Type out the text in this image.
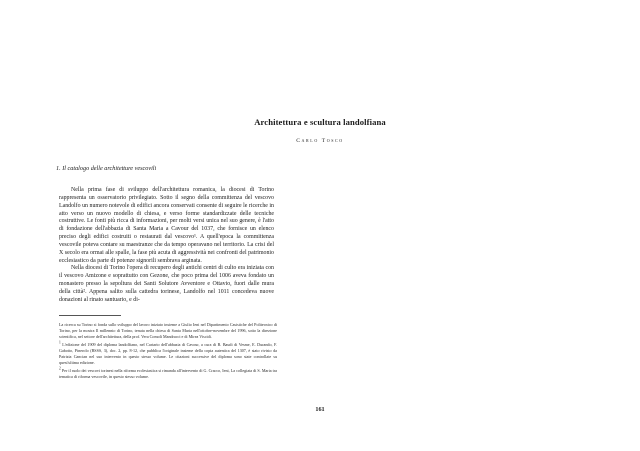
Architettura e scultura landolfiana
Carlo Tosco
1. Il catalogo delle architetture vescovili

Nella prima fase di sviluppo dell'architettura romanica, la diocesi di Torino rappresenta un osservatorio privilegiato. Sotto il segno della committenza del vescovo Landolfo un numero notevole di edifici ancora conservati consente di seguire le ricerche in atto verso un nuovo modello di chiesa, e verso forme standardizzate delle tecniche costruttive. Le fonti più ricca di informazioni, per molti versi unica nel suo genere, è l'atto di fondazione dell'abbazia di Santa Maria a Cavour del 1037, che fornisce un elenco preciso degli edifici costruiti o restaurati dal vescovo¹. A quell'epoca la committenza vescovile poteva contare su maestranze che da tempo operavano nel territorio. La crisi del X secolo era ormai alle spalle, la fase più acuta di aggressività nei confronti del patrimonio ecclesiastico da parte di potenze signorili sembrava arginata.

Nella diocesi di Torino l'opera di recupero degli antichi centri di culto era iniziata con il vescovo Amizone e soprattutto con Gezone, che poco prima del 1006 aveva fondato un monastero presso la sepoltura dei Santi Solutore Avventore e Ottavio, fuori dalle mura della città². Appena salito sulla cattedra torinese, Landolfo nel 1011 concedeva nuove donazioni al rinato santuario, e di-

La ricerca su Torino si fonda sullo sviluppo del lavoro iniziato insieme a Giulio Ieni nel Dipartimento Casistiche del Politecnico di Torino, per la mostra Il millennio di Torino, tenuta nella chiesa di Santa Maria nell'ottobre-novembre del 1996, sotto la direzione scientifica, nel settore dell'architettura, della prof. Vera Comoli Mandracci e di Mirea Viscidi.

1 L'edizione del 1909 del diploma landolfiano, nel Cartario dell'abbazia di Cavour, a cura di B. Baudi di Vesme, E. Durando, F. Gabotto, Pinerolo (BSSS, 3), doc. 2, pp. 8-12, che pubblica l'originale insieme della copia autentica del 1307, è stato rivisto da Patrizia Cancian nel suo intervento in questo stesso volume. Le citazioni successive del diploma sono state controllate su quest'ultima edizione.

2 Per il ruolo dei vescovi torinesi nella riforma ecclesiastica si rimanda all'intervento di G. Cracco, Ieni, La collegiata di S. Maria tra tematica di riforma vescovile, in questo stesso volume.

161
